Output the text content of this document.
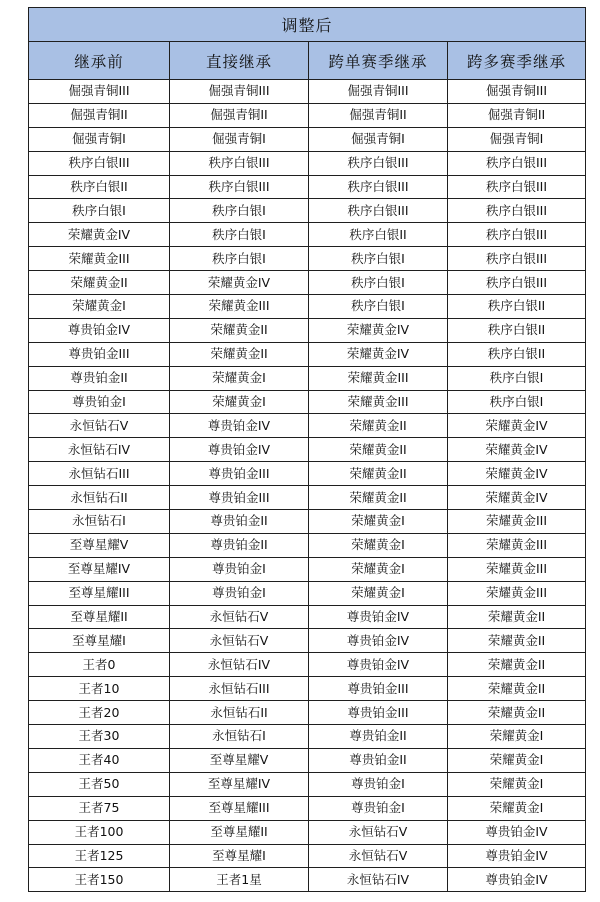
调整后			
继承前	直接继承	跨单赛季继承	跨多赛季继承
倔强青铜III	倔强青铜III	倔强青铜III	倔强青铜III
倔强青铜II	倔强青铜II	倔强青铜II	倔强青铜II
倔强青铜I	倔强青铜I	倔强青铜I	倔强青铜I
秩序白银III	秩序白银III	秩序白银III	秩序白银III
秩序白银II	秩序白银III	秩序白银III	秩序白银III
秩序白银I	秩序白银I	秩序白银III	秩序白银III
荣耀黄金IV	秩序白银I	秩序白银II	秩序白银III
荣耀黄金III	秩序白银I	秩序白银I	秩序白银III
荣耀黄金II	荣耀黄金IV	秩序白银I	秩序白银III
荣耀黄金I	荣耀黄金III	秩序白银I	秩序白银II
尊贵铂金IV	荣耀黄金II	荣耀黄金IV	秩序白银II
尊贵铂金III	荣耀黄金II	荣耀黄金IV	秩序白银II
尊贵铂金II	荣耀黄金I	荣耀黄金III	秩序白银I
尊贵铂金I	荣耀黄金I	荣耀黄金III	秩序白银I
永恒钻石V	尊贵铂金IV	荣耀黄金II	荣耀黄金IV
永恒钻石IV	尊贵铂金IV	荣耀黄金II	荣耀黄金IV
永恒钻石III	尊贵铂金III	荣耀黄金II	荣耀黄金IV
永恒钻石II	尊贵铂金III	荣耀黄金II	荣耀黄金IV
永恒钻石I	尊贵铂金II	荣耀黄金I	荣耀黄金III
至尊星耀V	尊贵铂金II	荣耀黄金I	荣耀黄金III
至尊星耀IV	尊贵铂金I	荣耀黄金I	荣耀黄金III
至尊星耀III	尊贵铂金I	荣耀黄金I	荣耀黄金III
至尊星耀II	永恒钻石V	尊贵铂金IV	荣耀黄金II
至尊星耀I	永恒钻石V	尊贵铂金IV	荣耀黄金II
王者0	永恒钻石IV	尊贵铂金IV	荣耀黄金II
王者10	永恒钻石III	尊贵铂金III	荣耀黄金II
王者20	永恒钻石II	尊贵铂金III	荣耀黄金II
王者30	永恒钻石I	尊贵铂金II	荣耀黄金I
王者40	至尊星耀V	尊贵铂金II	荣耀黄金I
王者50	至尊星耀IV	尊贵铂金I	荣耀黄金I
王者75	至尊星耀III	尊贵铂金I	荣耀黄金I
王者100	至尊星耀II	永恒钻石V	尊贵铂金IV
王者125	至尊星耀I	永恒钻石V	尊贵铂金IV
王者150	王者1星	永恒钻石IV	尊贵铂金IV
